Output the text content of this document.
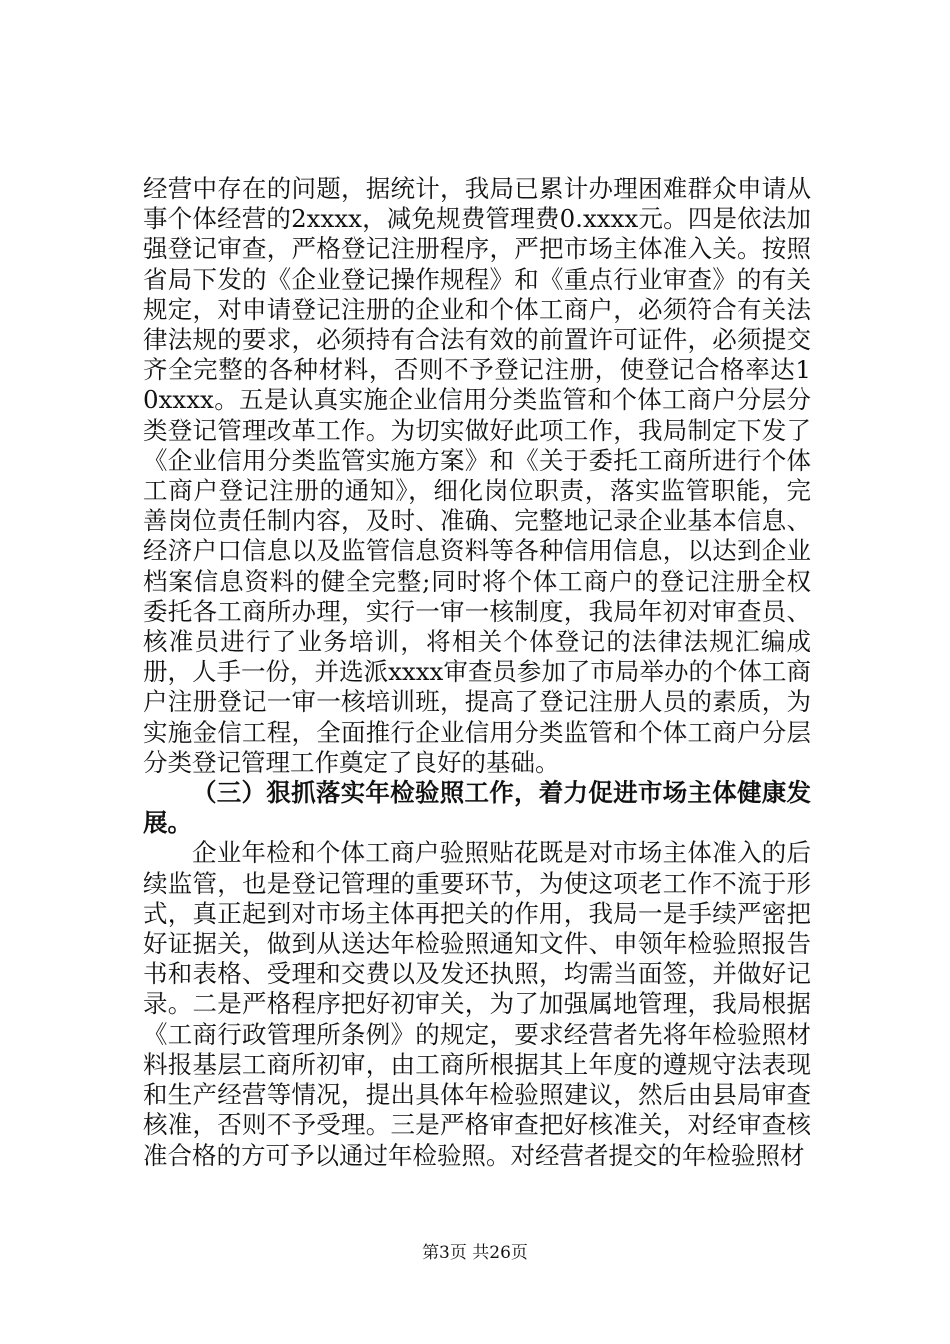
经营中存在的问题，据统计，我局已累计办理困难群众申请从事个体经营的2xxxx，减免规费管理费0.xxxx元。四是依法加强登记审查，严格登记注册程序，严把市场主体准入关。按照省局下发的《企业登记操作规程》和《重点行业审查》的有关规定，对申请登记注册的企业和个体工商户，必须符合有关法律法规的要求，必须持有合法有效的前置许可证件，必须提交齐全完整的各种材料，否则不予登记注册，使登记合格率达10xxxx。五是认真实施企业信用分类监管和个体工商户分层分类登记管理改革工作。为切实做好此项工作，我局制定下发了《企业信用分类监管实施方案》和《关于委托工商所进行个体工商户登记注册的通知》，细化岗位职责，落实监管职能，完善岗位责任制内容，及时、准确、完整地记录企业基本信息、经济户口信息以及监管信息资料等各种信用信息，以达到企业档案信息资料的健全完整;同时将个体工商户的登记注册全权委托各工商所办理，实行一审一核制度，我局年初对审查员、核准员进行了业务培训，将相关个体登记的法律法规汇编成册，人手一份，并选派xxxx审查员参加了市局举办的个体工商户注册登记一审一核培训班，提高了登记注册人员的素质，为实施金信工程，全面推行企业信用分类监管和个体工商户分层分类登记管理工作奠定了良好的基础。

（三）狠抓落实年检验照工作，着力促进市场主体健康发展。

企业年检和个体工商户验照贴花既是对市场主体准入的后续监管，也是登记管理的重要环节，为使这项老工作不流于形式，真正起到对市场主体再把关的作用，我局一是手续严密把好证据关，做到从送达年检验照通知文件、申领年检验照报告书和表格、受理和交费以及发还执照，均需当面签，并做好记录。二是严格程序把好初审关，为了加强属地管理，我局根据《工商行政管理所条例》的规定，要求经营者先将年检验照材料报基层工商所初审，由工商所根据其上年度的遵规守法表现和生产经营等情况，提出具体年检验照建议，然后由县局审查核准，否则不予受理。三是严格审查把好核准关，对经审查核准合格的方可予以通过年检验照。对经营者提交的年检验照材

第3页 共26页
